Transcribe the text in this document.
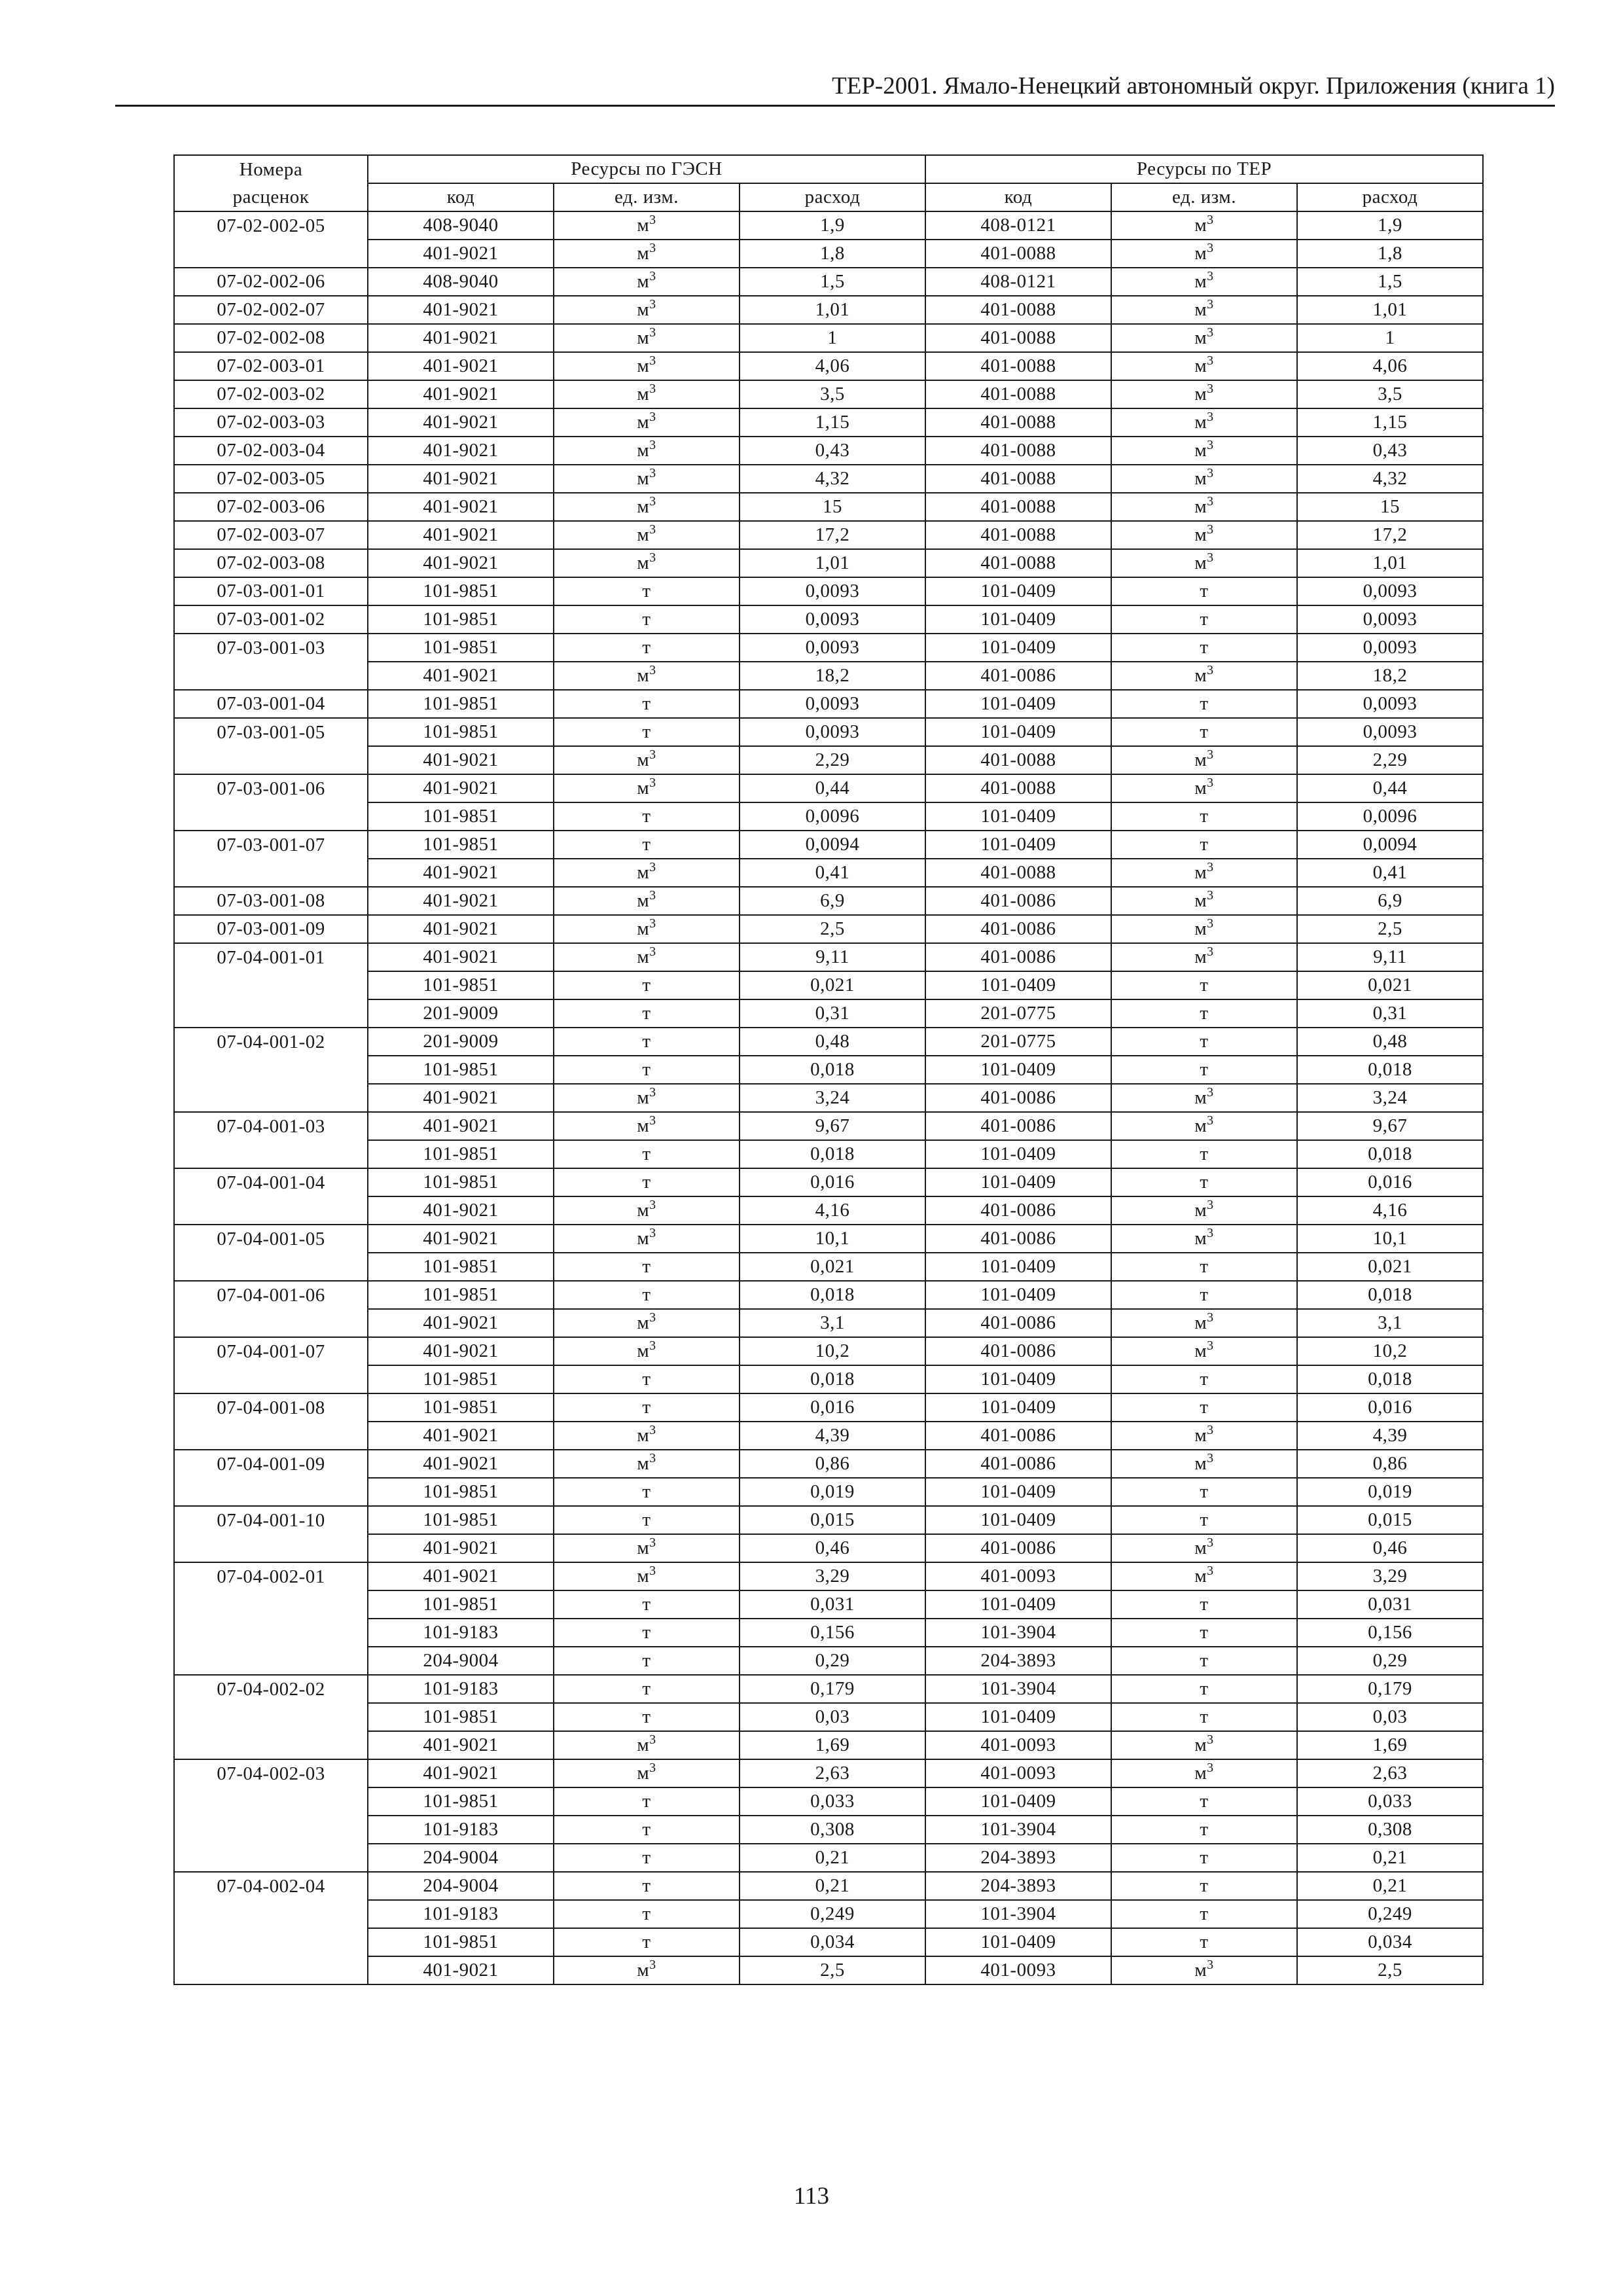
ТЕР-2001. Ямало-Ненецкий автономный округ. Приложения (книга 1)
Номера	Ресурсы по ГЭСН			Ресурсы по ТЕР		
расценок	код	ед. изм.	расход	код	ед. изм.	расход
07-02-002-05	408-9040	$м^3$	1,9	408-0121	$м^3$	1,9
	401-9021	$м^3$	1,8	401-0088	$м^3$	1,8
07-02-002-06	408-9040	$м^3$	1,5	408-0121	$м^3$	1,5
07-02-002-07	401-9021	$м^3$	1,01	401-0088	$м^3$	1,01
07-02-002-08	401-9021	$м^3$	1	401-0088	$м^3$	1
07-02-003-01	401-9021	$м^3$	4,06	401-0088	$м^3$	4,06
07-02-003-02	401-9021	$м^3$	3,5	401-0088	$м^3$	3,5
07-02-003-03	401-9021	$м^3$	1,15	401-0088	$м^3$	1,15
07-02-003-04	401-9021	$м^3$	0,43	401-0088	$м^3$	0,43
07-02-003-05	401-9021	$м^3$	4,32	401-0088	$м^3$	4,32
07-02-003-06	401-9021	$м^3$	15	401-0088	$м^3$	15
07-02-003-07	401-9021	$м^3$	17,2	401-0088	$м^3$	17,2
07-02-003-08	401-9021	$м^3$	1,01	401-0088	$м^3$	1,01
07-03-001-01	101-9851	т	0,0093	101-0409	т	0,0093
07-03-001-02	101-9851	т	0,0093	101-0409	т	0,0093
07-03-001-03	101-9851	т	0,0093	101-0409	т	0,0093
	401-9021	$м^3$	18,2	401-0086	$м^3$	18,2
07-03-001-04	101-9851	т	0,0093	101-0409	т	0,0093
07-03-001-05	101-9851	т	0,0093	101-0409	т	0,0093
	401-9021	$м^3$	2,29	401-0088	$м^3$	2,29
07-03-001-06	401-9021	$м^3$	0,44	401-0088	$м^3$	0,44
	101-9851	т	0,0096	101-0409	т	0,0096
07-03-001-07	101-9851	т	0,0094	101-0409	т	0,0094
	401-9021	$м^3$	0,41	401-0088	$м^3$	0,41
07-03-001-08	401-9021	$м^3$	6,9	401-0086	$м^3$	6,9
07-03-001-09	401-9021	$м^3$	2,5	401-0086	$м^3$	2,5
07-04-001-01	401-9021	$м^3$	9,11	401-0086	$м^3$	9,11
	101-9851	т	0,021	101-0409	т	0,021
	201-9009	т	0,31	201-0775	т	0,31
07-04-001-02	201-9009	т	0,48	201-0775	т	0,48
	101-9851	т	0,018	101-0409	т	0,018
	401-9021	$м^3$	3,24	401-0086	$м^3$	3,24
07-04-001-03	401-9021	$м^3$	9,67	401-0086	$м^3$	9,67
	101-9851	т	0,018	101-0409	т	0,018
07-04-001-04	101-9851	т	0,016	101-0409	т	0,016
	401-9021	$м^3$	4,16	401-0086	$м^3$	4,16
07-04-001-05	401-9021	$м^3$	10,1	401-0086	$м^3$	10,1
	101-9851	т	0,021	101-0409	т	0,021
07-04-001-06	101-9851	т	0,018	101-0409	т	0,018
	401-9021	$м^3$	3,1	401-0086	$м^3$	3,1
07-04-001-07	401-9021	$м^3$	10,2	401-0086	$м^3$	10,2
	101-9851	т	0,018	101-0409	т	0,018
07-04-001-08	101-9851	т	0,016	101-0409	т	0,016
	401-9021	$м^3$	4,39	401-0086	$м^3$	4,39
07-04-001-09	401-9021	$м^3$	0,86	401-0086	$м^3$	0,86
	101-9851	т	0,019	101-0409	т	0,019
07-04-001-10	101-9851	т	0,015	101-0409	т	0,015
	401-9021	$м^3$	0,46	401-0086	$м^3$	0,46
07-04-002-01	401-9021	$м^3$	3,29	401-0093	$м^3$	3,29
	101-9851	т	0,031	101-0409	т	0,031
	101-9183	т	0,156	101-3904	т	0,156
	204-9004	т	0,29	204-3893	т	0,29
07-04-002-02	101-9183	т	0,179	101-3904	т	0,179
	101-9851	т	0,03	101-0409	т	0,03
	401-9021	$м^3$	1,69	401-0093	$м^3$	1,69
07-04-002-03	401-9021	$м^3$	2,63	401-0093	$м^3$	2,63
	101-9851	т	0,033	101-0409	т	0,033
	101-9183	т	0,308	101-3904	т	0,308
	204-9004	т	0,21	204-3893	т	0,21
07-04-002-04	204-9004	т	0,21	204-3893	т	0,21
	101-9183	т	0,249	101-3904	т	0,249
	101-9851	т	0,034	101-0409	т	0,034
	401-9021	$м^3$	2,5	401-0093	$м^3$	2,5
113
